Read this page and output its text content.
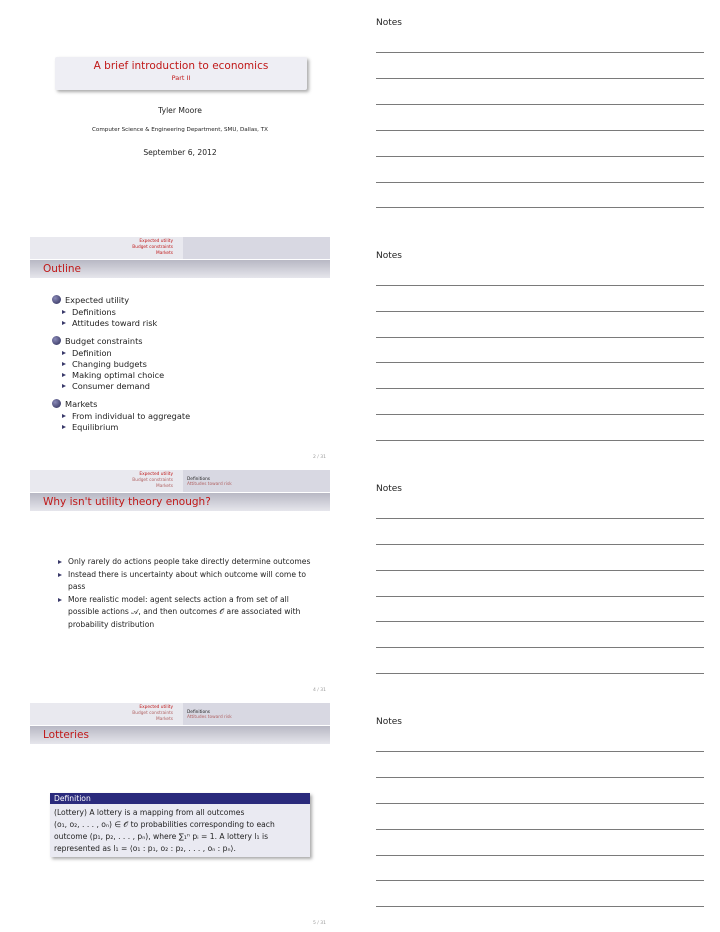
Notes
Notes
Notes
Notes
A brief introduction to economics
Part II
Tyler Moore
Computer Science & Engineering Department, SMU, Dallas, TX
September 6, 2012
Expected utility
Budget constraints
Markets
Outline
Expected utility
Definitions
Attitudes toward risk
Budget constraints
Definition
Changing budgets
Making optimal choice
Consumer demand
Markets
From individual to aggregate
Equilibrium
2 / 31
Expected utility
Budget constraints
Markets
Definitions
Attitudes toward risk
Why isn't utility theory enough?
Only rarely do actions people take directly determine outcomes
Instead there is uncertainty about which outcome will come to pass
More realistic model: agent selects action a from set of all possible actions 𝒜, and then outcomes 𝒪 are associated with probability distribution
4 / 31
Expected utility
Budget constraints
Markets
Definitions
Attitudes toward risk
Lotteries
Definition
(Lottery) A lottery is a mapping from all outcomes
(o₁, o₂, . . . , oₙ) ∈ 𝒪 to probabilities corresponding to each
outcome (p₁, p₂, . . . , pₙ), where ∑₁ⁿ pᵢ = 1. A lottery l₁ is
represented as l₁ = ⟨o₁ : p₁, o₂ : p₂, . . . , oₙ : pₙ⟩.
5 / 31
